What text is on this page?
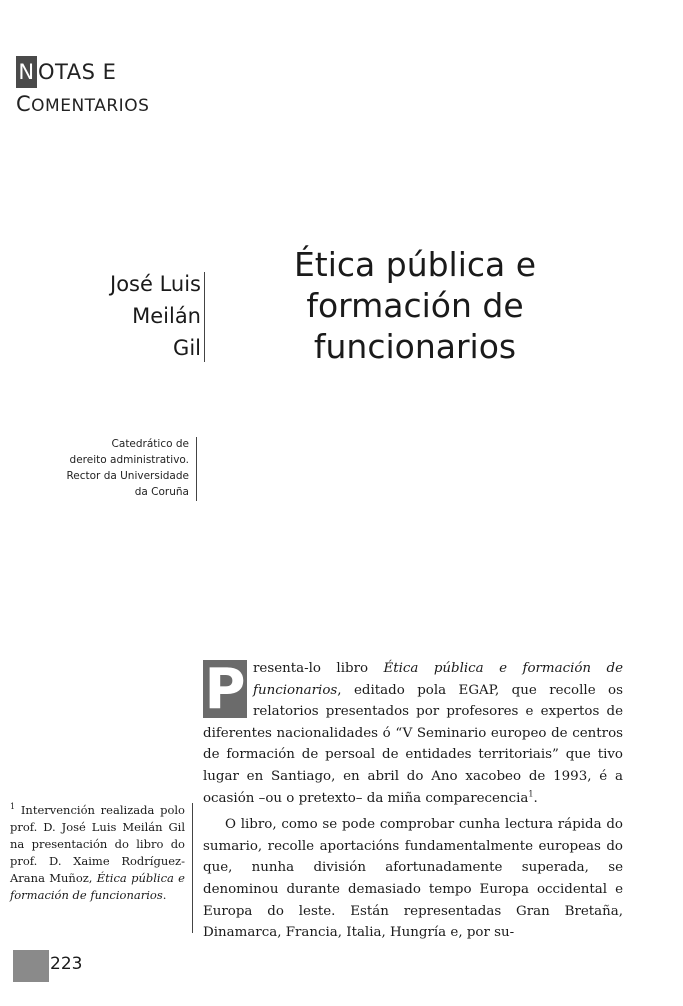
N OTAS E
COMENTARIOS
José Luis
Meilán
Gil
Ética pública e
formación de
funcionarios
Catedrático de
dereito administrativo.
Rector da Universidade
da Coruña

P resenta-lo libro Ética pública e formación de funcionarios, editado pola EGAP, que recolle os relatorios presentados por profesores e expertos de diferentes nacionalidades ó “V Seminario europeo de centros de formación de persoal de entidades territoriais” que tivo lugar en Santiago, en abril do Ano xacobeo de 1993, é a ocasión –ou o pretexto– da miña comparecencia$^1$.

O libro, como se pode comprobar cunha lectura rápida do sumario, recolle aportacións fundamentalmente europeas do que, nunha división afortunadamente superada, se denominou durante demasiado tempo Europa occidental e Europa do leste. Están representadas Gran Bretaña, Dinamarca, Francia, Italia, Hungría e, por su-

$^1$ Intervención realizada polo prof. D. José Luis Meilán Gil na presentación do libro do prof. D. Xaime Rodríguez-Arana Muñoz, Ética pública e formación de funcionarios.
223
